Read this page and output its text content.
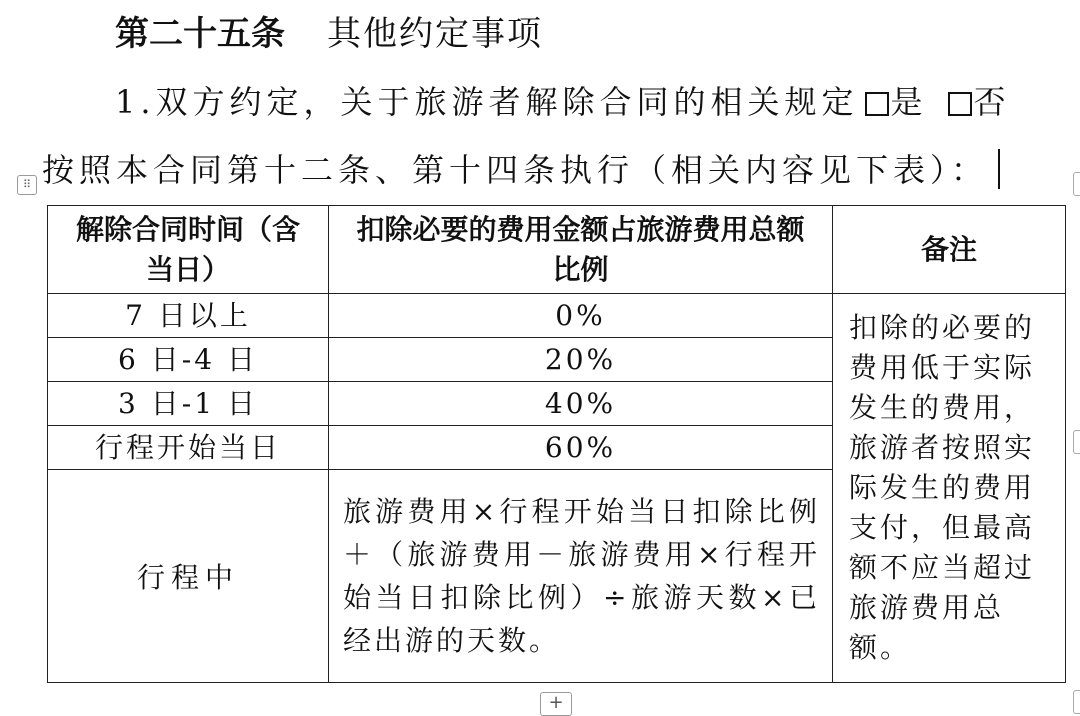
第二十五条 其他约定事项
1.双方约定，关于旅游者解除合同的相关规定 是 否
按照本合同第十二条、第十四条执行（相关内容见下表）：
⠿
解除合同时间（含当日）	扣除必要的费用金额占旅游费用总额比例	备注

7 日以上	0%	扣除的必要的费用低于实际发生的费用，旅游者按照实际发生的费用支付，但最高额不应当超过旅游费用总额。
6 日-4 日	20%	
3 日-1 日	40%	
行程开始当日	60%	
行程中	旅游费用×行程开始当日扣除比例＋（旅游费用－旅游费用×行程开始当日扣除比例）÷旅游天数×已经出游的天数。	
+
